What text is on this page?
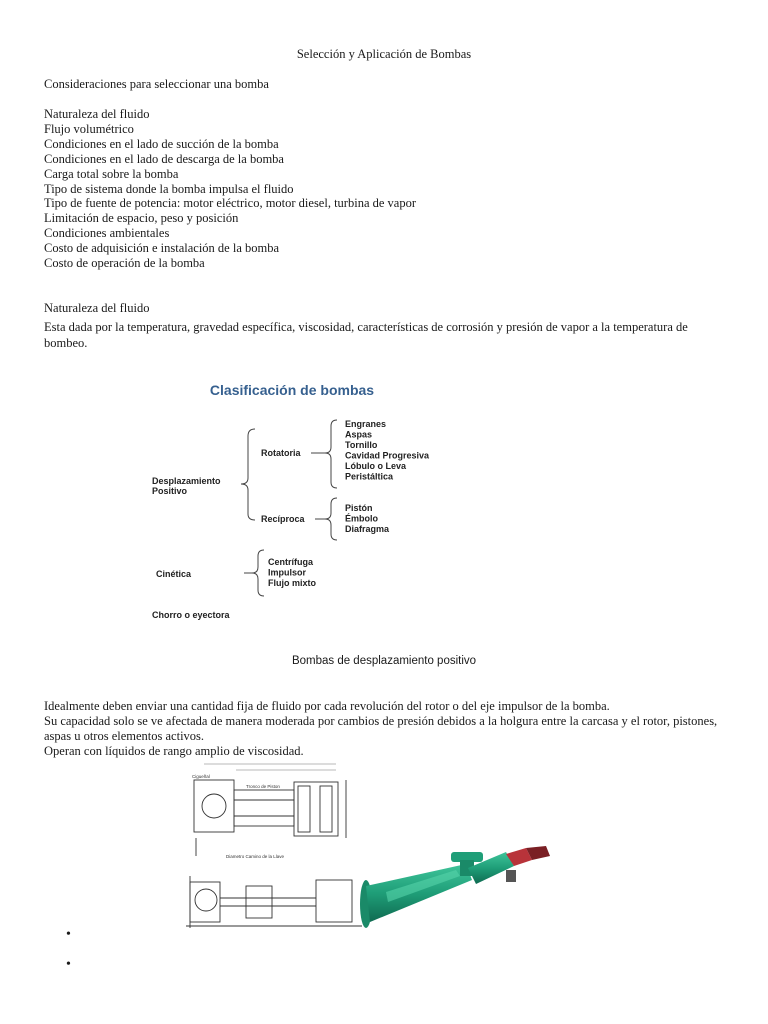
Selección y Aplicación de Bombas
Consideraciones para seleccionar una bomba
Naturaleza del fluido
Flujo volumétrico
Condiciones en el lado de succión de la bomba
Condiciones en el lado de descarga de la bomba
Carga total sobre la bomba
Tipo de sistema donde la bomba impulsa el fluido
Tipo de fuente de potencia: motor eléctrico, motor diesel, turbina de vapor
Limitación de espacio, peso y posición
Condiciones ambientales
Costo de adquisición e instalación de la bomba
Costo de operación de la bomba
Naturaleza del fluido
Esta dada por la temperatura, gravedad específica, viscosidad, características de corrosión y presión de vapor a la temperatura de bombeo.
Clasificación de bombas
Desplazamiento
Positivo
Rotatoria
Recíproca
Engranes
Aspas
Tornillo
Cavidad Progresiva
Lóbulo o Leva
Peristáltica
Pistón
Émbolo
Diafragma
Cinética
Centrífuga
Impulsor
Flujo mixto
Chorro o eyectora
Bombas de desplazamiento positivo
Idealmente deben enviar una cantidad fija de fluido por cada revolución del rotor o del eje impulsor de la bomba.
Su capacidad solo se ve afectada de manera moderada por cambios de presión debidos a la holgura entre la carcasa y el rotor, pistones, aspas u otros elementos activos.
Operan con líquidos de rango amplio de viscosidad.
Cigueñal
Tronco de Piston
Diametro Camino de la Llave
•
•
